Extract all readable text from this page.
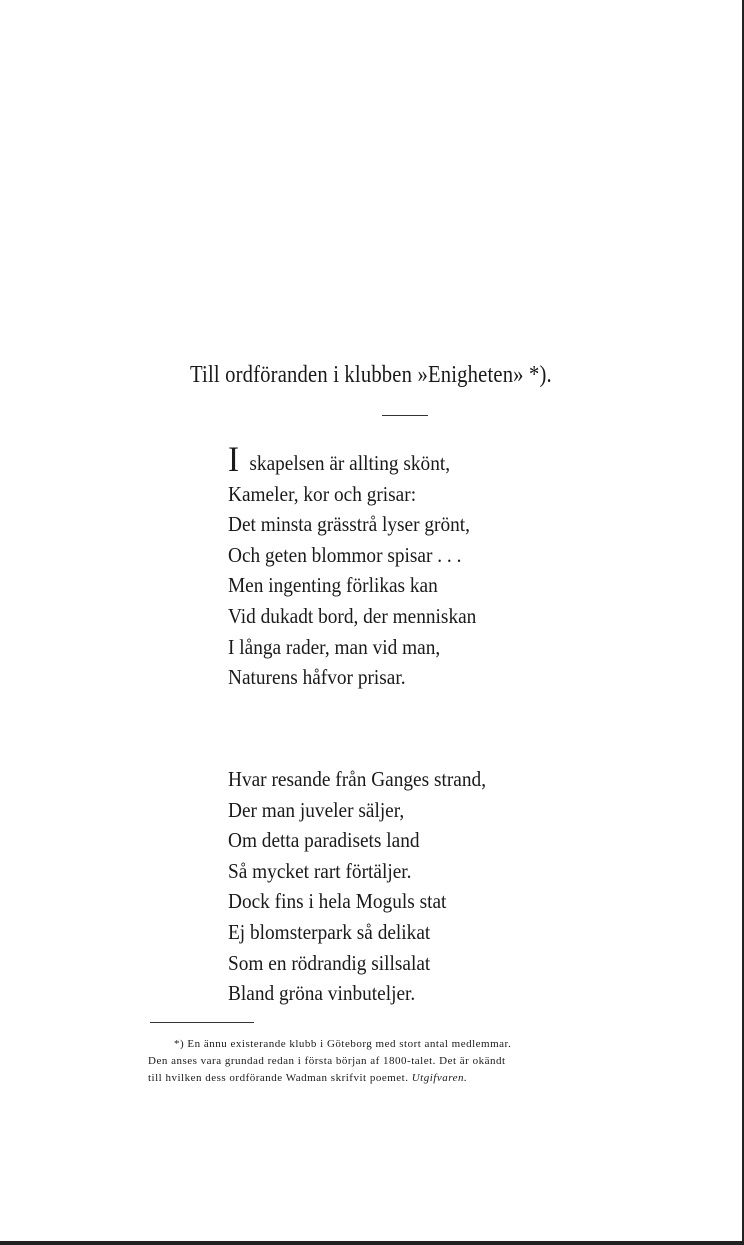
Till ordföranden i klubben »Enigheten» *).
I skapelsen är allting skönt,
Kameler, kor och grisar:
Det minsta grässtrå lyser grönt,
Och geten blommor spisar . . .
Men ingenting förlikas kan
Vid dukadt bord, der menniskan
I långa rader, man vid man,
Naturens håfvor prisar.
Hvar resande från Ganges strand,
Der man juveler säljer,
Om detta paradisets land
Så mycket rart förtäljer.
Dock fins i hela Moguls stat
Ej blomsterpark så delikat
Som en rödrandig sillsalat
Bland gröna vinbuteljer.
*) En ännu existerande klubb i Göteborg med stort antal medlemmar.
Den anses vara grundad redan i första början af 1800-talet. Det är okändt
till hvilken dess ordförande Wadman skrifvit poemet. Utgifvaren.
